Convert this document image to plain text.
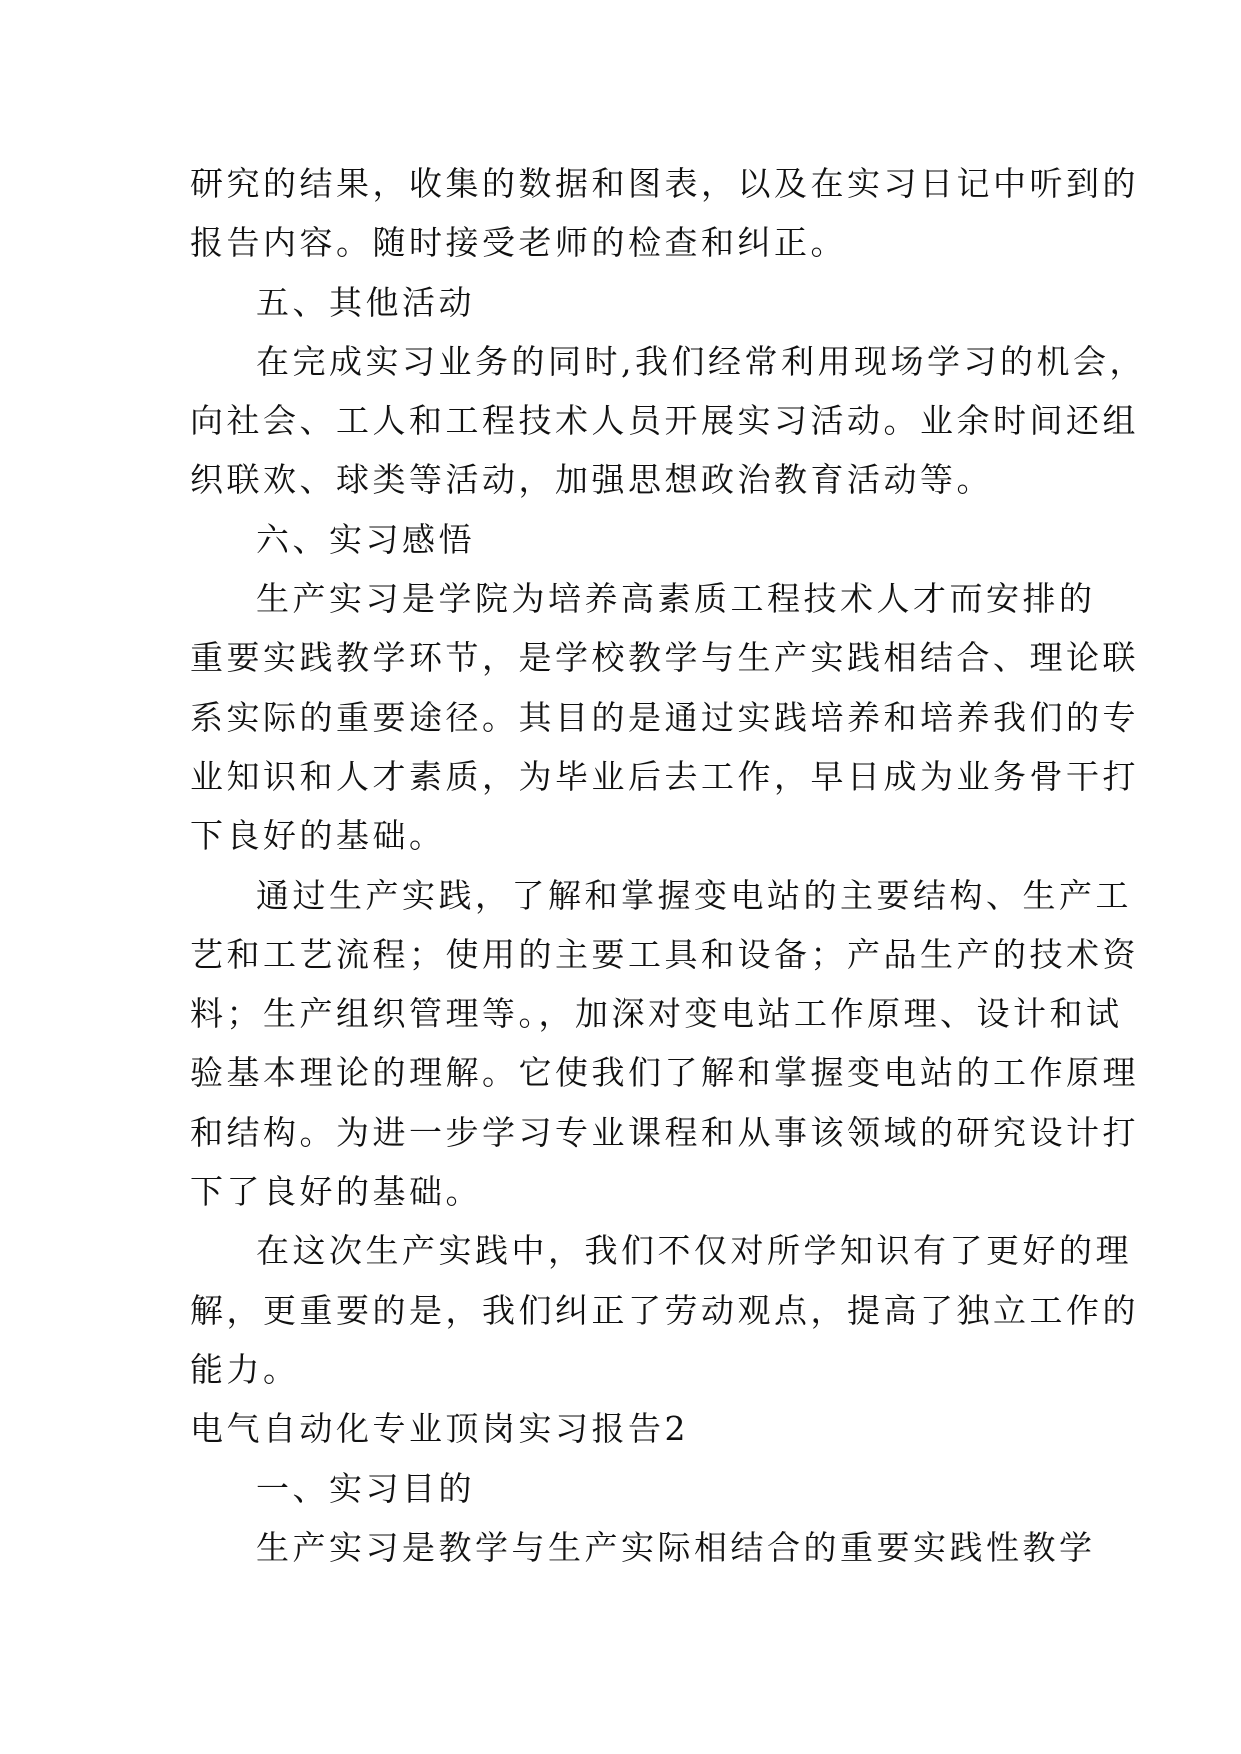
研究的结果，收集的数据和图表，以及在实习日记中听到的
报告内容。随时接受老师的检查和纠正。
五、其他活动
在完成实习业务的同时,我们经常利用现场学习的机会，
向社会、工人和工程技术人员开展实习活动。业余时间还组
织联欢、球类等活动，加强思想政治教育活动等。
六、实习感悟
生产实习是学院为培养高素质工程技术人才而安排的
重要实践教学环节，是学校教学与生产实践相结合、理论联
系实际的重要途径。其目的是通过实践培养和培养我们的专
业知识和人才素质，为毕业后去工作，早日成为业务骨干打
下良好的基础。
通过生产实践，了解和掌握变电站的主要结构、生产工
艺和工艺流程；使用的主要工具和设备；产品生产的技术资
料；生产组织管理等。，加深对变电站工作原理、设计和试
验基本理论的理解。它使我们了解和掌握变电站的工作原理
和结构。为进一步学习专业课程和从事该领域的研究设计打
下了良好的基础。
在这次生产实践中，我们不仅对所学知识有了更好的理
解，更重要的是，我们纠正了劳动观点，提高了独立工作的
能力。
电气自动化专业顶岗实习报告2
一、实习目的
生产实习是教学与生产实际相结合的重要实践性教学
